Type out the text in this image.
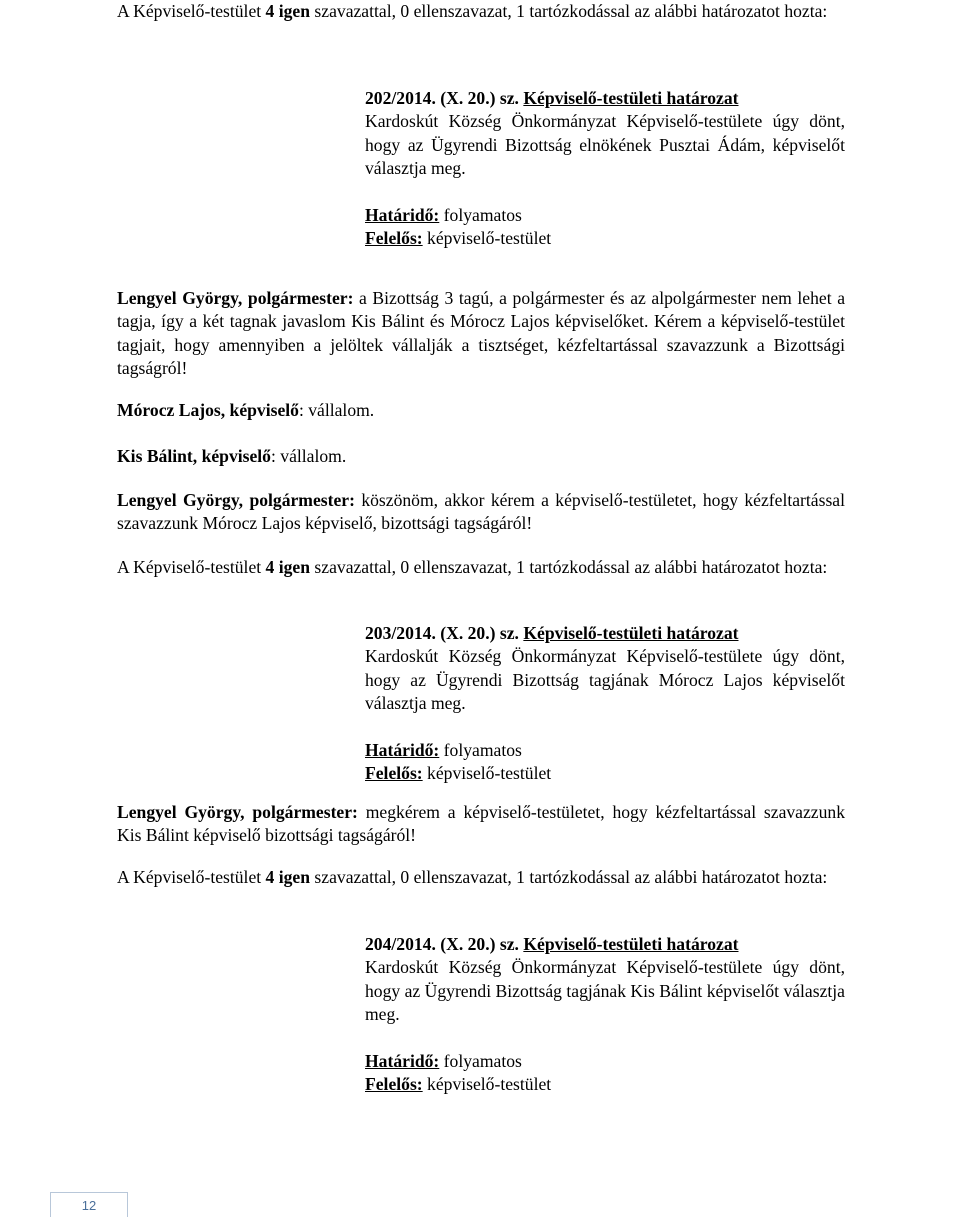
A Képviselő-testület 4 igen szavazattal, 0 ellenszavazat, 1 tartózkodással az alábbi határozatot hozta:

202/2014. (X. 20.) sz. Képviselő-testületi határozat
Kardoskút Község Önkormányzat Képviselő-testülete úgy dönt, hogy az Ügyrendi Bizottság elnökének Pusztai Ádám, képviselőt választja meg.
Határidő: folyamatos
Felelős: képviselő-testület

Lengyel György, polgármester: a Bizottság 3 tagú, a polgármester és az alpolgármester nem lehet a tagja, így a két tagnak javaslom Kis Bálint és Mórocz Lajos képviselőket. Kérem a képviselő-testület tagjait, hogy amennyiben a jelöltek vállalják a tisztséget, kézfeltartással szavazzunk a Bizottsági tagságról!

Mórocz Lajos, képviselő: vállalom.

Kis Bálint, képviselő: vállalom.

Lengyel György, polgármester: köszönöm, akkor kérem a képviselő-testületet, hogy kézfeltartással szavazzunk Mórocz Lajos képviselő, bizottsági tagságáról!

A Képviselő-testület 4 igen szavazattal, 0 ellenszavazat, 1 tartózkodással az alábbi határozatot hozta:

203/2014. (X. 20.) sz. Képviselő-testületi határozat
Kardoskút Község Önkormányzat Képviselő-testülete úgy dönt, hogy az Ügyrendi Bizottság tagjának Mórocz Lajos képviselőt választja meg.
Határidő: folyamatos
Felelős: képviselő-testület

Lengyel György, polgármester: megkérem a képviselő-testületet, hogy kézfeltartással szavazzunk Kis Bálint képviselő bizottsági tagságáról!

A Képviselő-testület 4 igen szavazattal, 0 ellenszavazat, 1 tartózkodással az alábbi határozatot hozta:

204/2014. (X. 20.) sz. Képviselő-testületi határozat
Kardoskút Község Önkormányzat Képviselő-testülete úgy dönt, hogy az Ügyrendi Bizottság tagjának Kis Bálint képviselőt választja meg.
Határidő: folyamatos
Felelős: képviselő-testület
12
